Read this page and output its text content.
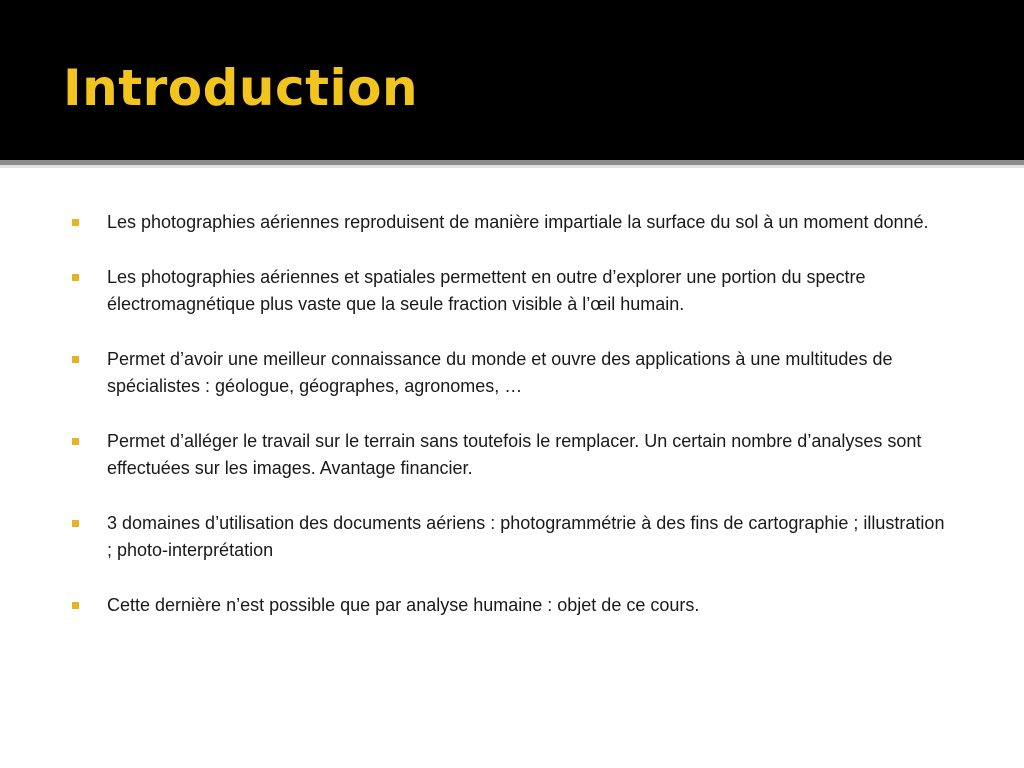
Introduction
Les photographies aériennes reproduisent de manière impartiale la surface du sol à un moment donné.
Les photographies aériennes et spatiales permettent en outre d’explorer une portion du spectre électromagnétique plus vaste que la seule fraction visible à l’œil humain.
Permet d’avoir une meilleur connaissance du monde et ouvre des applications à une multitudes de spécialistes : géologue, géographes, agronomes, …
Permet d’alléger le travail sur le terrain sans toutefois le remplacer. Un certain nombre d’analyses sont effectuées sur les images. Avantage financier.
3 domaines d’utilisation des documents aériens : photogrammétrie à des fins de cartographie ; illustration ; photo-interprétation
Cette dernière n’est possible que par analyse humaine : objet de ce cours.
